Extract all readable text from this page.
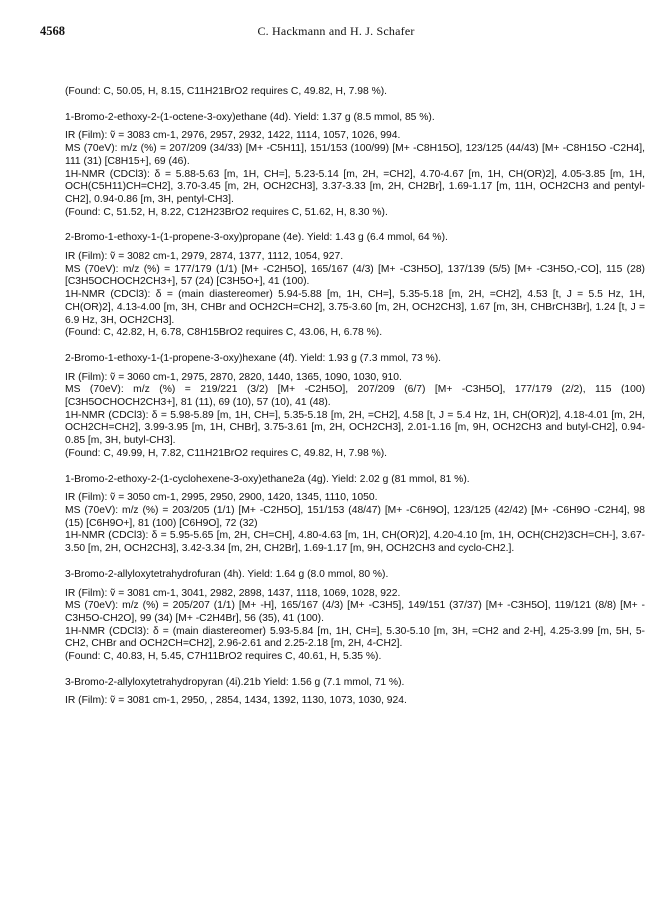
4568	C. Hackmann and H. J. Schafer

(Found: C, 50.05, H, 8.15, C11H21BrO2 requires C, 49.82, H, 7.98 %).

1-Bromo-2-ethoxy-2-(1-octene-3-oxy)ethane (4d). Yield: 1.37 g (8.5 mmol, 85 %).

IR (Film): ṽ = 3083 cm-1, 2976, 2957, 2932, 1422, 1114, 1057, 1026, 994.

MS (70eV): m/z (%) = 207/209 (34/33) [M+ -C5H11], 151/153 (100/99) [M+ -C8H15O], 123/125 (44/43) [M+ -C8H15O -C2H4], 111 (31) [C8H15+], 69 (46).

1H-NMR (CDCl3): δ = 5.88-5.63 [m, 1H, CH=], 5.23-5.14 [m, 2H, =CH2], 4.70-4.67 [m, 1H, CH(OR)2], 4.05-3.85 [m, 1H, OCH(C5H11)CH=CH2], 3.70-3.45 [m, 2H, OCH2CH3], 3.37-3.33 [m, 2H, CH2Br], 1.69-1.17 [m, 11H, OCH2CH3 and pentyl-CH2], 0.94-0.86 [m, 3H, pentyl-CH3].

(Found: C, 51.52, H, 8.22, C12H23BrO2 requires C, 51.62, H, 8.30 %).

2-Bromo-1-ethoxy-1-(1-propene-3-oxy)propane (4e). Yield: 1.43 g (6.4 mmol, 64 %).

IR (Film): ṽ = 3082 cm-1, 2979, 2874, 1377, 1112, 1054, 927.

MS (70eV): m/z (%) = 177/179 (1/1) [M+ -C2H5O], 165/167 (4/3) [M+ -C3H5O], 137/139 (5/5) [M+ -C3H5O,-CO], 115 (28) [C3H5OCHOCH2CH3+], 57 (24) [C3H5O+], 41 (100).

1H-NMR (CDCl3): δ = (main diastereomer) 5.94-5.88 [m, 1H, CH=], 5.35-5.18 [m, 2H, =CH2], 4.53 [t, J = 5.5 Hz, 1H, CH(OR)2], 4.13-4.00 [m, 3H, CHBr and OCH2CH=CH2], 3.75-3.60 [m, 2H, OCH2CH3], 1.67 [m, 3H, CHBrCH3Br], 1.24 [t, J = 6.9 Hz, 3H, OCH2CH3].

(Found: C, 42.82, H, 6.78, C8H15BrO2 requires C, 43.06, H, 6.78 %).

2-Bromo-1-ethoxy-1-(1-propene-3-oxy)hexane (4f). Yield: 1.93 g (7.3 mmol, 73 %).

IR (Film): ṽ = 3060 cm-1, 2975, 2870, 2820, 1440, 1365, 1090, 1030, 910.

MS (70eV): m/z (%) = 219/221 (3/2) [M+ -C2H5O], 207/209 (6/7) [M+ -C3H5O], 177/179 (2/2), 115 (100) [C3H5OCHOCH2CH3+], 81 (11), 69 (10), 57 (10), 41 (48).

1H-NMR (CDCl3): δ = 5.98-5.89 [m, 1H, CH=], 5.35-5.18 [m, 2H, =CH2], 4.58 [t, J = 5.4 Hz, 1H, CH(OR)2], 4.18-4.01 [m, 2H, OCH2CH=CH2], 3.99-3.95 [m, 1H, CHBr], 3.75-3.61 [m, 2H, OCH2CH3], 2.01-1.16 [m, 9H, OCH2CH3 and butyl-CH2], 0.94-0.85 [m, 3H, butyl-CH3].

(Found: C, 49.99, H, 7.82, C11H21BrO2 requires C, 49.82, H, 7.98 %).

1-Bromo-2-ethoxy-2-(1-cyclohexene-3-oxy)ethane2a (4g). Yield: 2.02 g (81 mmol, 81 %).

IR (Film): ṽ = 3050 cm-1, 2995, 2950, 2900, 1420, 1345, 1110, 1050.

MS (70eV): m/z (%) = 203/205 (1/1) [M+ -C2H5O], 151/153 (48/47) [M+ -C6H9O], 123/125 (42/42) [M+ -C6H9O -C2H4], 98 (15) [C6H9O+], 81 (100) [C6H9O], 72 (32)

1H-NMR (CDCl3): δ = 5.95-5.65 [m, 2H, CH=CH], 4.80-4.63 [m, 1H, CH(OR)2], 4.20-4.10 [m, 1H, OCH(CH2)3CH=CH-], 3.67-3.50 [m, 2H, OCH2CH3], 3.42-3.34 [m, 2H, CH2Br], 1.69-1.17 [m, 9H, OCH2CH3 and cyclo-CH2.].

3-Bromo-2-allyloxytetrahydrofuran (4h). Yield: 1.64 g (8.0 mmol, 80 %).

IR (Film): ṽ = 3081 cm-1, 3041, 2982, 2898, 1437, 1118, 1069, 1028, 922.

MS (70eV): m/z (%) = 205/207 (1/1) [M+ -H], 165/167 (4/3) [M+ -C3H5], 149/151 (37/37) [M+ -C3H5O], 119/121 (8/8) [M+ -C3H5O-CH2O], 99 (34) [M+ -C2H4Br], 56 (35), 41 (100).

1H-NMR (CDCl3): δ = (main diastereomer) 5.93-5.84 [m, 1H, CH=], 5.30-5.10 [m, 3H, =CH2 and 2-H], 4.25-3.99 [m, 5H, 5-CH2, CHBr and OCH2CH=CH2], 2.96-2.61 and 2.25-2.18 [m, 2H, 4-CH2].

(Found: C, 40.83, H, 5.45, C7H11BrO2 requires C, 40.61, H, 5.35 %).

3-Bromo-2-allyloxytetrahydropyran (4i).21b Yield: 1.56 g (7.1 mmol, 71 %).

IR (Film): ṽ = 3081 cm-1, 2950, , 2854, 1434, 1392, 1130, 1073, 1030, 924.
